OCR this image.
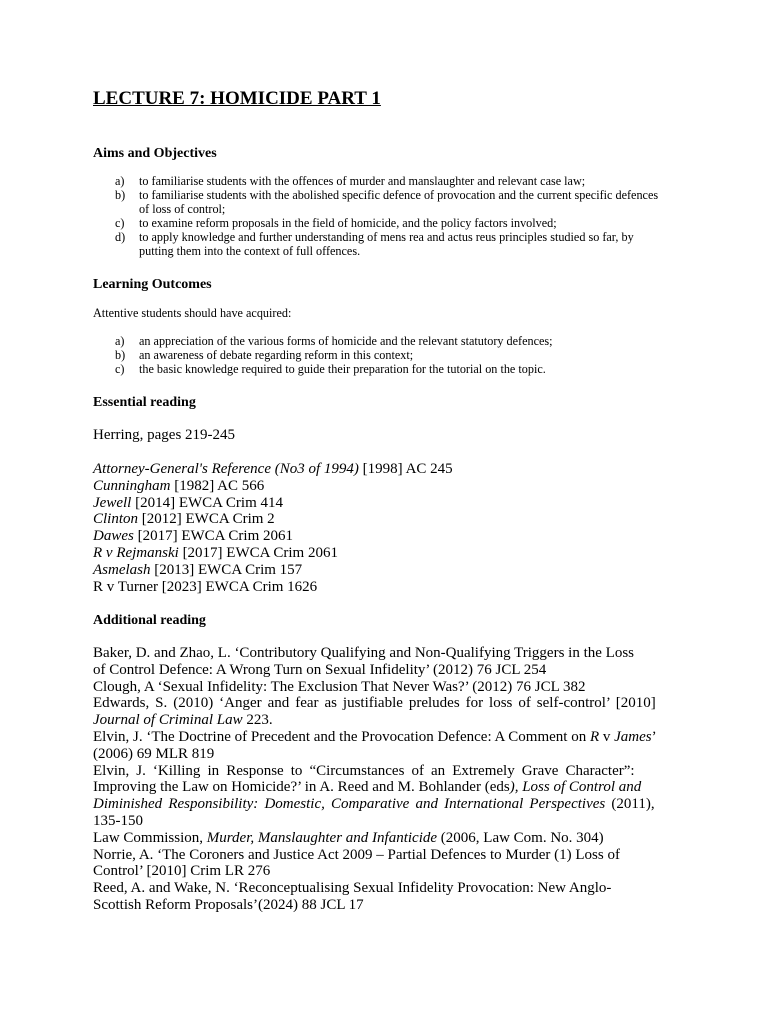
LECTURE 7: HOMICIDE PART 1
Aims and Objectives
a) to familiarise students with the offences of murder and manslaughter and relevant case law;
b) to familiarise students with the abolished specific defence of provocation and the current specific defences of loss of control;
c) to examine reform proposals in the field of homicide, and the policy factors involved;
d) to apply knowledge and further understanding of mens rea and actus reus principles studied so far, by putting them into the context of full offences.
Learning Outcomes

Attentive students should have acquired:

a) an appreciation of the various forms of homicide and the relevant statutory defences;
b) an awareness of debate regarding reform in this context;
c) the basic knowledge required to guide their preparation for the tutorial on the topic.
Essential reading

Herring, pages 219-245

Attorney-General's Reference (No3 of 1994) [1998] AC 245
Cunningham [1982] AC 566
Jewell [2014] EWCA Crim 414
Clinton [2012] EWCA Crim 2
Dawes [2017] EWCA Crim 2061
R v Rejmanski [2017] EWCA Crim 2061
Asmelash [2013] EWCA Crim 157
R v Turner [2023] EWCA Crim 1626
Additional reading
Baker, D. and Zhao, L. ‘Contributory Qualifying and Non-Qualifying Triggers in the Loss
of Control Defence: A Wrong Turn on Sexual Infidelity’ (2012) 76 JCL 254
Clough, A ‘Sexual Infidelity: The Exclusion That Never Was?’ (2012) 76 JCL 382
Edwards, S. (2010) ‘Anger and fear as justifiable preludes for loss of self-control’ [2010]
Journal of Criminal Law 223.
Elvin, J. ‘The Doctrine of Precedent and the Provocation Defence: A Comment on R v James’
(2006) 69 MLR 819
Elvin, J. ‘Killing in Response to “Circumstances of an Extremely Grave Character”:
Improving the Law on Homicide?’ in A. Reed and M. Bohlander (eds), Loss of Control and
Diminished Responsibility: Domestic, Comparative and International Perspectives (2011),
135-150
Law Commission, Murder, Manslaughter and Infanticide (2006, Law Com. No. 304)
Norrie, A. ‘The Coroners and Justice Act 2009 – Partial Defences to Murder (1) Loss of
Control’ [2010] Crim LR 276
Reed, A. and Wake, N. ‘Reconceptualising Sexual Infidelity Provocation: New Anglo-
Scottish Reform Proposals’(2024) 88 JCL 17
